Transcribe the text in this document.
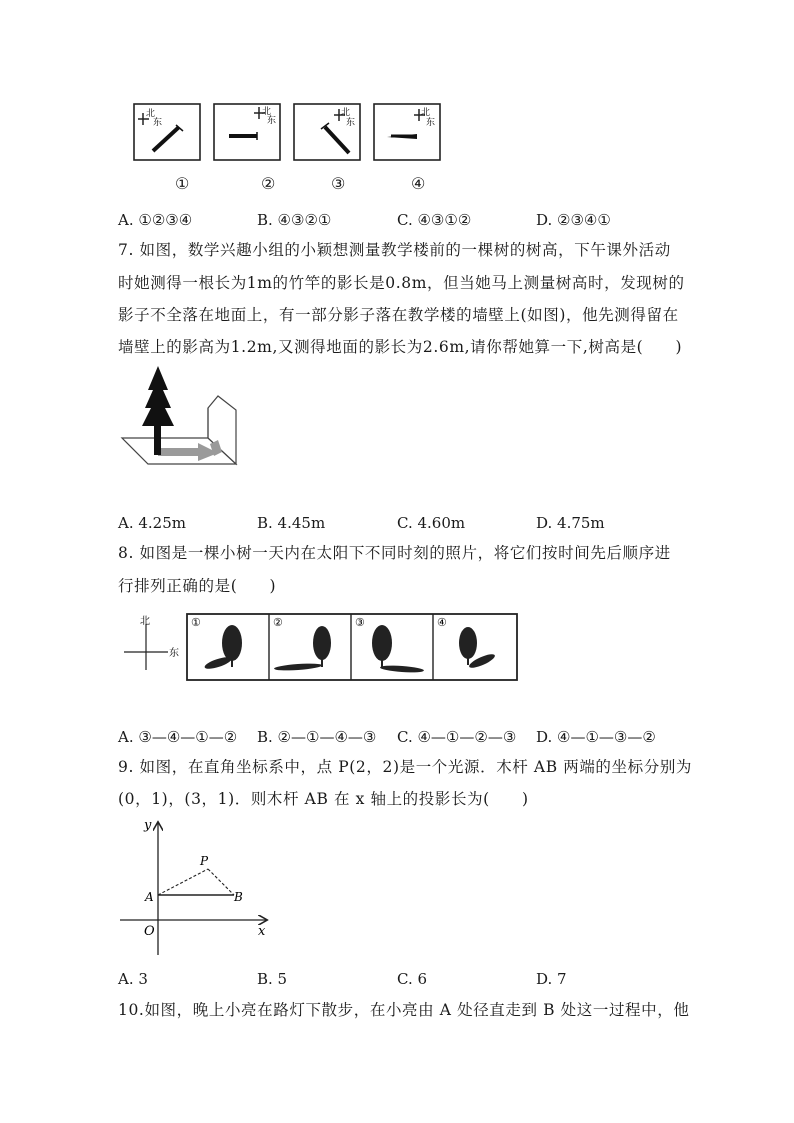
北
东
北
东
北
东
北
东
①	②	③	④
A. ①②③④	B. ④③②①	C. ④③①②	D. ②③④①
7. 如图，数学兴趣小组的小颖想测量教学楼前的一棵树的树高，下午课外活动
时她测得一根长为1m的竹竿的影长是0.8m，但当她马上测量树高时，发现树的
影子不全落在地面上，有一部分影子落在教学楼的墙壁上(如图)，他先测得留在
墙壁上的影高为1.2m,又测得地面的影长为2.6m,请你帮她算一下,树高是(　　)
A. 4.25m	B. 4.45m	C. 4.60m	D. 4.75m
8. 如图是一棵小树一天内在太阳下不同时刻的照片，将它们按时间先后顺序进
行排列正确的是(　　)
北
东
①	②	③	④
A. ③—④—①—② B. ②—①—④—③ C. ④—①—②—③ D. ④—①—③—②
9. 如图，在直角坐标系中，点 P(2，2)是一个光源．木杆 AB 两端的坐标分别为
(0，1)，(3，1)．则木杆 AB 在 x 轴上的投影长为(　　)
y
x
P
A	B
O
A. 3	B. 5	C. 6	D. 7
10.如图，晚上小亮在路灯下散步，在小亮由 A 处径直走到 B 处这一过程中，他
